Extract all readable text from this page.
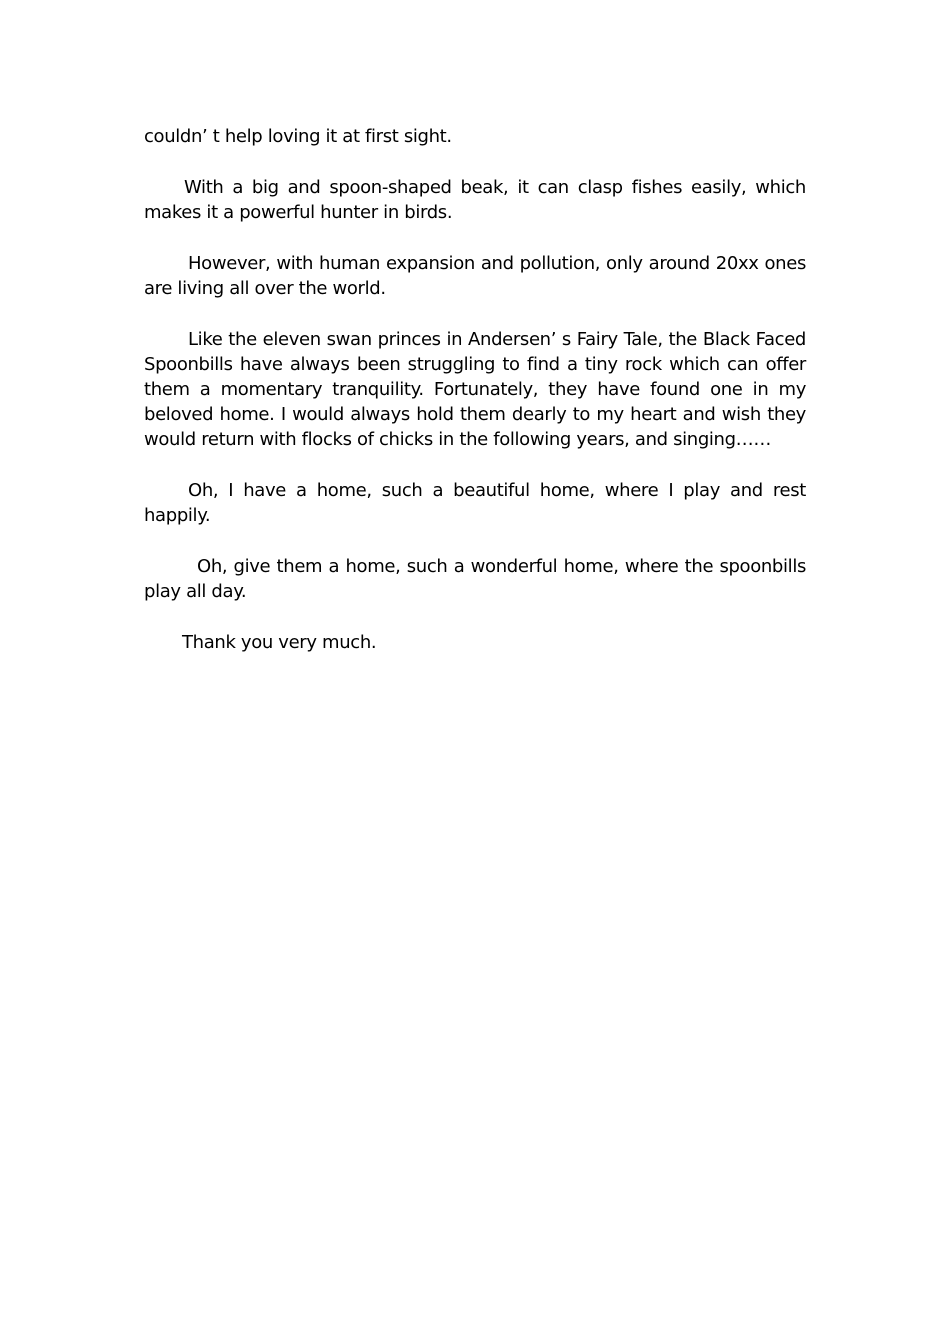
couldn’ t help loving it at first sight.

With a big and spoon-shaped beak, it can clasp fishes easily, which makes it a powerful hunter in birds.

However, with human expansion and pollution, only around 20xx ones are living all over the world.

Like the eleven swan princes in Andersen’ s Fairy Tale, the Black Faced Spoonbills have always been struggling to find a tiny rock which can offer them a momentary tranquility. Fortunately, they have found one in my beloved home. I would always hold them dearly to my heart and wish they would return with flocks of chicks in the following years, and singing……

Oh, I have a home, such a beautiful home, where I play and rest happily.

Oh, give them a home, such a wonderful home, where the spoonbills play all day.

Thank you very much.
